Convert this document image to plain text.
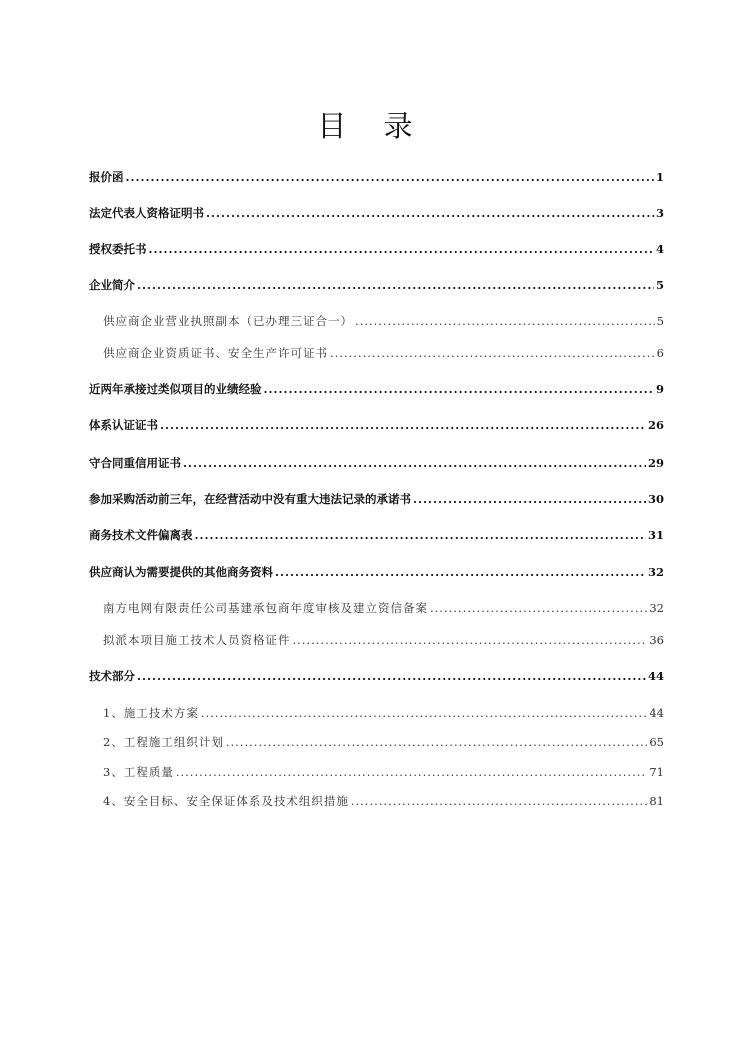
目 录
报价函 .....	1
法定代表人资格证明书 .....	3
授权委托书 .....	4
企业简介 .....	5
供应商企业营业执照副本（已办理三证合一） .....	5
供应商企业资质证书、安全生产许可证书 .....	6
近两年承接过类似项目的业绩经验 .....	9
体系认证证书 .....	26
守合同重信用证书 .....	29
参加采购活动前三年，在经营活动中没有重大违法记录的承诺书 .....	30
商务技术文件偏离表 .....	31
供应商认为需要提供的其他商务资料 .....	32
南方电网有限责任公司基建承包商年度审核及建立资信备案 .....	32
拟派本项目施工技术人员资格证件 .....	36
技术部分 .....	44
1、施工技术方案 .....	44
2、工程施工组织计划 .....	65
3、工程质量 .....	71
4、安全目标、安全保证体系及技术组织措施 .....	81
